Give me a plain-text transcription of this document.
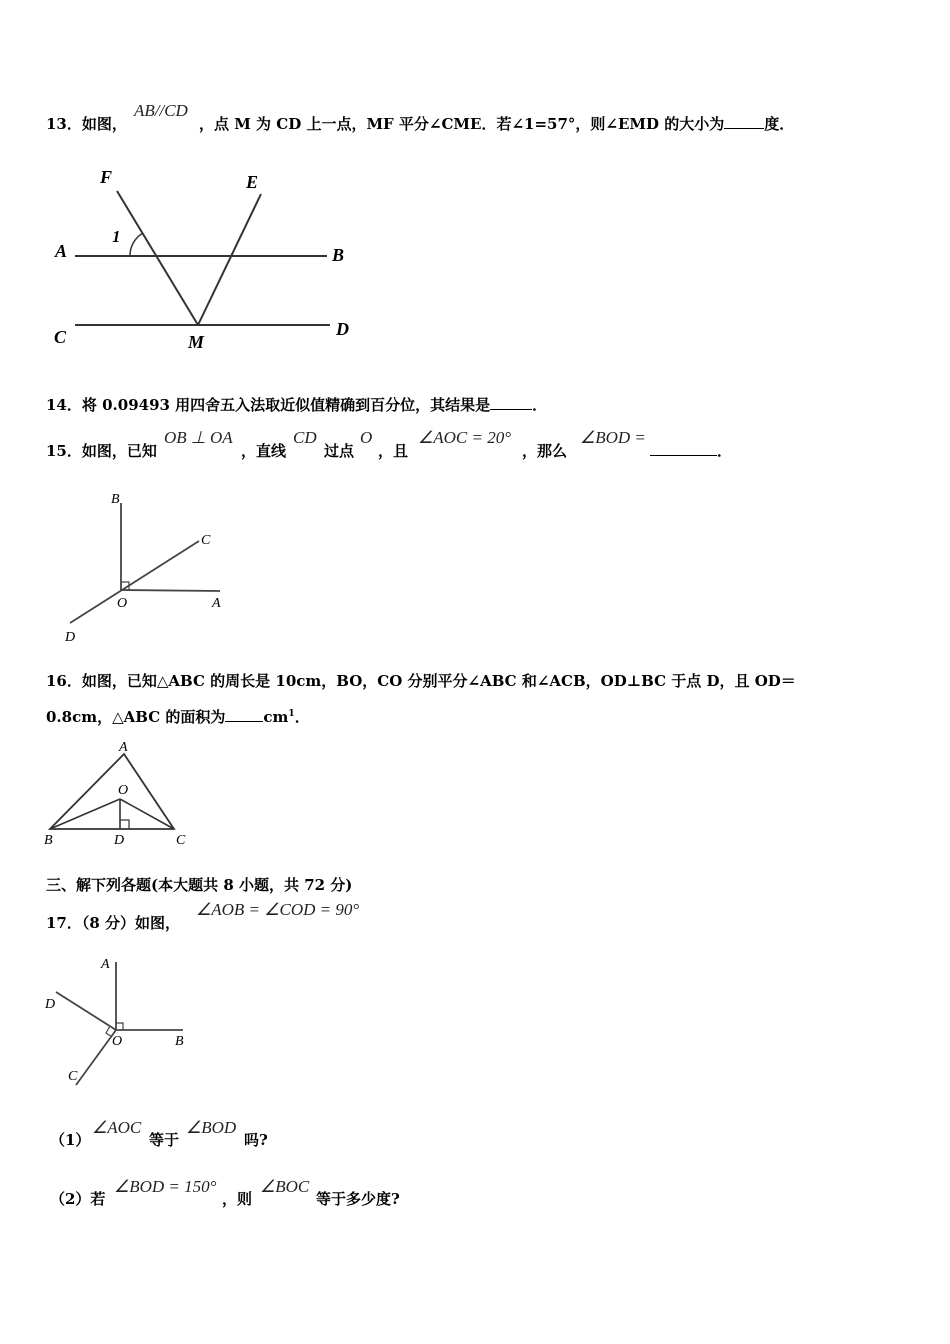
13．如图，
AB//CD
，点 M 为 CD 上一点，MF 平分∠CME．若∠1=57°，则∠EMD 的大小为	度．
F	E
A	B
C	D
M
1
14．将 0.09493 用四舍五入法取近似值精确到百分位，其结果是	．
15．如图，已知
OB ⊥ OA
，直线
CD
过点
O
，且
∠AOC = 20°
，那么
∠BOD =
．
B
C
O	A
D
16．如图，已知△ABC 的周长是 10cm，BO，CO 分别平分∠ABC 和∠ACB，OD⊥BC 于点 D，且 OD＝
0.8cm，△ABC 的面积为	$cm^1$．
A
O
B	D	C
三、解下列各题(本大题共 8 小题，共 72 分)
17．（8 分）如图，
∠AOB = ∠COD = 90°
A
D
O	B
C
（1）
∠AOC
等于
∠BOD
吗?
（2）若
∠BOD = 150°
，则
∠BOC
等于多少度?
